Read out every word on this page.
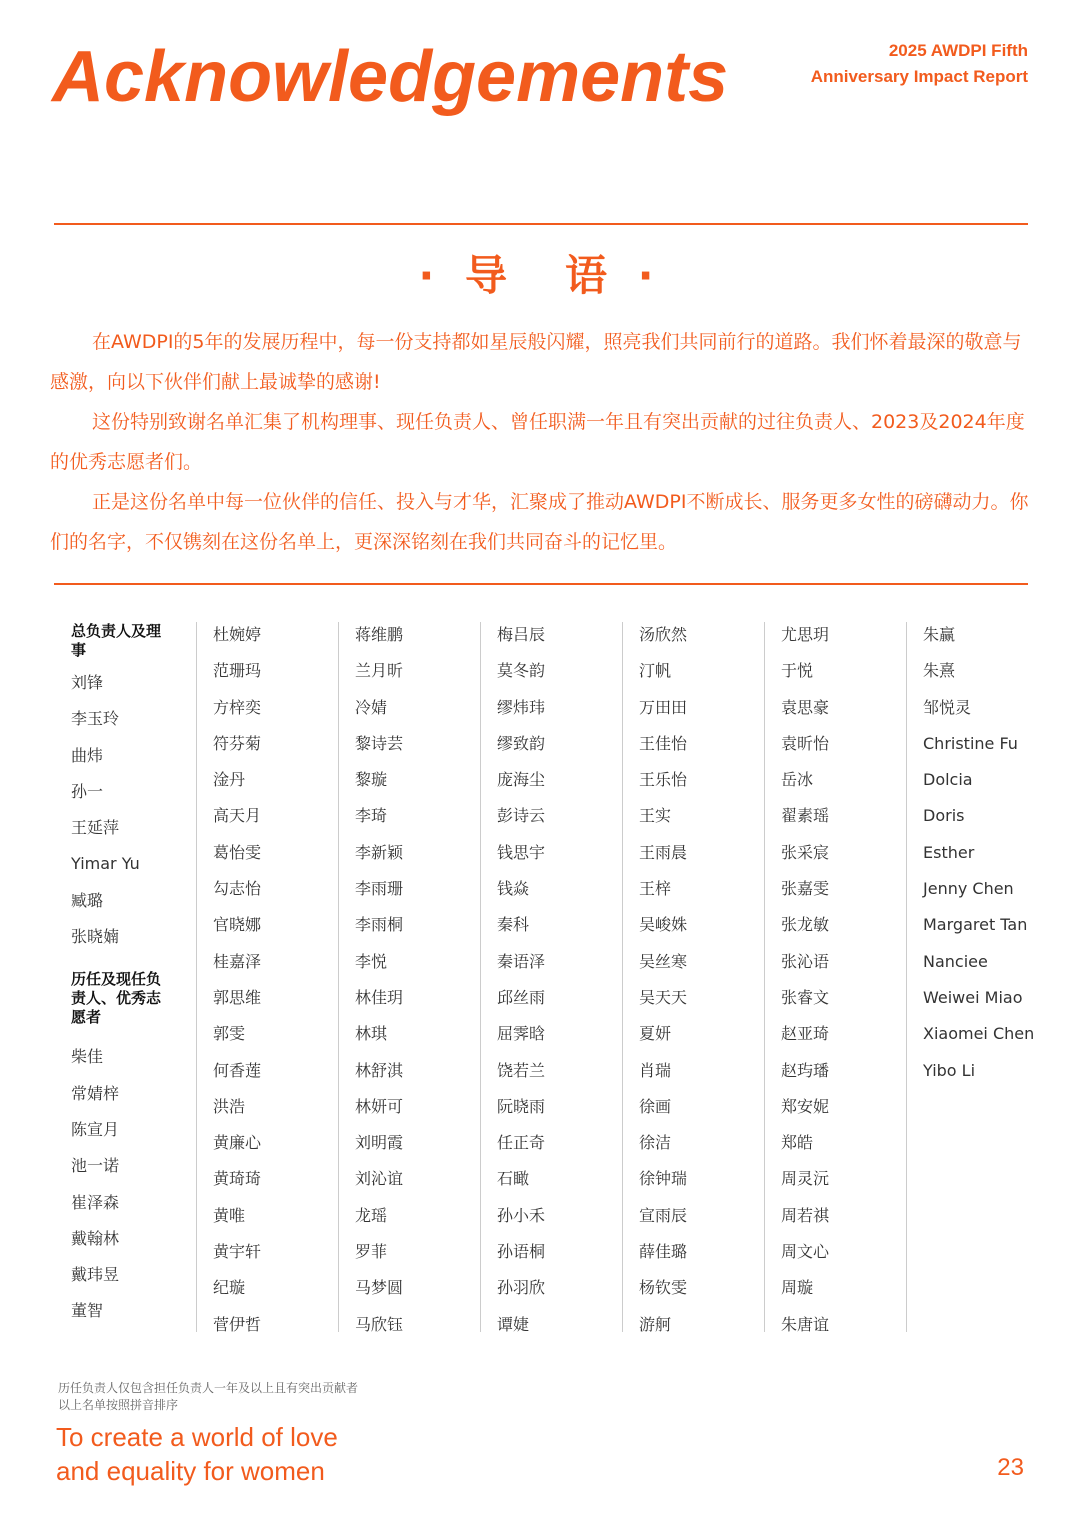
Acknowledgements	2025 AWDPI Fifth
Anniversary Impact Report
· 导　语 ·

在AWDPI的5年的发展历程中，每一份支持都如星辰般闪耀，照亮我们共同前行的道路。我们怀着最深的敬意与感激，向以下伙伴们献上最诚挚的感谢!

这份特别致谢名单汇集了机构理事、现任负责人、曾任职满一年且有突出贡献的过往负责人、2023及2024年度的优秀志愿者们。

正是这份名单中每一位伙伴的信任、投入与才华，汇聚成了推动AWDPI不断成长、服务更多女性的磅礴动力。你们的名字，不仅镌刻在这份名单上，更深深铭刻在我们共同奋斗的记忆里。

总负责人及理事
刘锋
李玉玲
曲炜
孙一
王延萍
Yimar Yu
臧璐
张晓婻
历任及现任负责人、优秀志愿者
柴佳
常婧梓
陈宣月
池一诺
崔泽森
戴翰林
戴玮昱
董智
杜婉婷
范珊玛
方梓奕
符芬菊
淦丹
高天月
葛怡雯
勾志怡
官晓娜
桂嘉泽
郭思维
郭雯
何香莲
洪浩
黄廉心
黄琦琦
黄唯
黄宇轩
纪璇
菅伊哲
蒋维鹏
兰月昕
冷婧
黎诗芸
黎璇
李琦
李新颖
李雨珊
李雨桐
李悦
林佳玥
林琪
林舒淇
林妍可
刘明霞
刘沁谊
龙瑶
罗菲
马梦圆
马欣钰
梅吕辰
莫冬韵
缪炜玮
缪致韵
庞海尘
彭诗云
钱思宇
钱焱
秦科
秦语泽
邱丝雨
屈霁晗
饶若兰
阮晓雨
任正奇
石瞰
孙小禾
孙语桐
孙羽欣
谭婕
汤欣然
汀帆
万田田
王佳怡
王乐怡
王实
王雨晨
王梓
吴峻姝
吴丝寒
吴天天
夏妍
肖瑞
徐画
徐洁
徐钟瑞
宣雨辰
薛佳璐
杨钦雯
游舸
尤思玥
于悦
袁思豪
袁昕怡
岳冰
翟素瑶
张采宸
张嘉雯
张龙敏
张沁语
张睿文
赵亚琦
赵玙璠
郑安妮
郑皓
周灵沅
周若祺
周文心
周璇
朱唐谊
朱赢
朱熹
邹悦灵
Christine Fu
Dolcia
Doris
Esther
Jenny Chen
Margaret Tan
Nanciee
Weiwei Miao
Xiaomei Chen
Yibo Li
历任负责人仅包含担任负责人一年及以上且有突出贡献者
以上名单按照拼音排序
To create a world of love
and equality for women	23
